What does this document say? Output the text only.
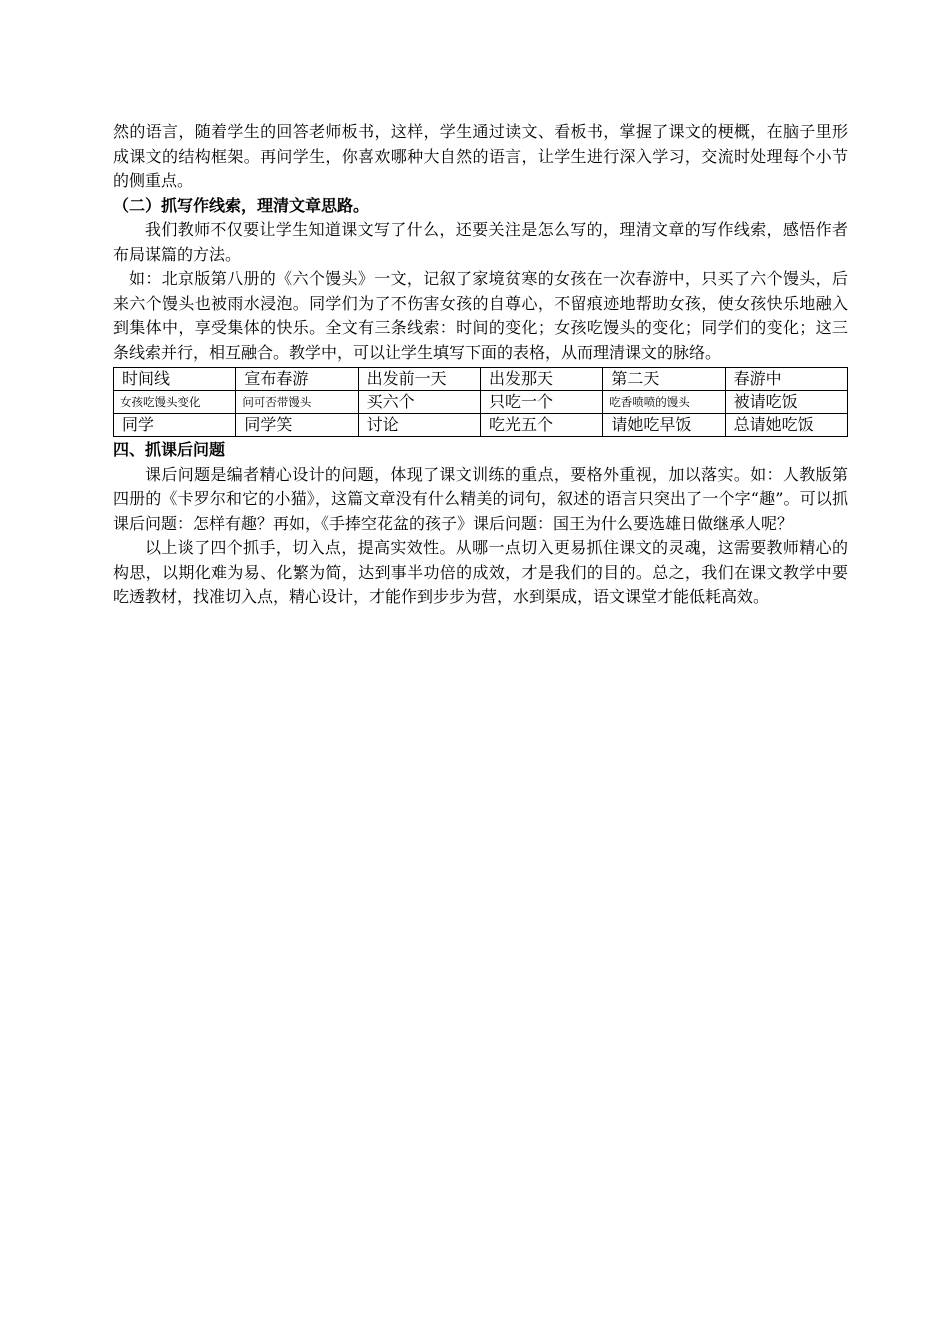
然的语言，随着学生的回答老师板书，这样，学生通过读文、看板书，掌握了课文的梗概，在脑子里形成课文的结构框架。再问学生，你喜欢哪种大自然的语言，让学生进行深入学习，交流时处理每个小节的侧重点。

（二）抓写作线索，理清文章思路。

我们教师不仅要让学生知道课文写了什么，还要关注是怎么写的，理清文章的写作线索，感悟作者布局谋篇的方法。

如：北京版第八册的《六个馒头》一文，记叙了家境贫寒的女孩在一次春游中，只买了六个馒头，后来六个馒头也被雨水浸泡。同学们为了不伤害女孩的自尊心，不留痕迹地帮助女孩，使女孩快乐地融入到集体中，享受集体的快乐。全文有三条线索：时间的变化；女孩吃馒头的变化；同学们的变化；这三条线索并行，相互融合。教学中，可以让学生填写下面的表格，从而理清课文的脉络。

时间线	宣布春游	出发前一天	出发那天	第二天	春游中
女孩吃馒头变化	问可否带馒头	买六个	只吃一个	吃香喷喷的馒头	被请吃饭
同学	同学笑	讨论	吃光五个	请她吃早饭	总请她吃饭

四、抓课后问题

课后问题是编者精心设计的问题，体现了课文训练的重点，要格外重视，加以落实。如：人教版第四册的《卡罗尔和它的小猫》，这篇文章没有什么精美的词句，叙述的语言只突出了一个字“趣”。可以抓课后问题：怎样有趣？再如，《手捧空花盆的孩子》课后问题：国王为什么要选雄日做继承人呢？

以上谈了四个抓手，切入点，提高实效性。从哪一点切入更易抓住课文的灵魂，这需要教师精心的构思，以期化难为易、化繁为简，达到事半功倍的成效，才是我们的目的。总之，我们在课文教学中要吃透教材，找准切入点，精心设计，才能作到步步为营，水到渠成，语文课堂才能低耗高效。
